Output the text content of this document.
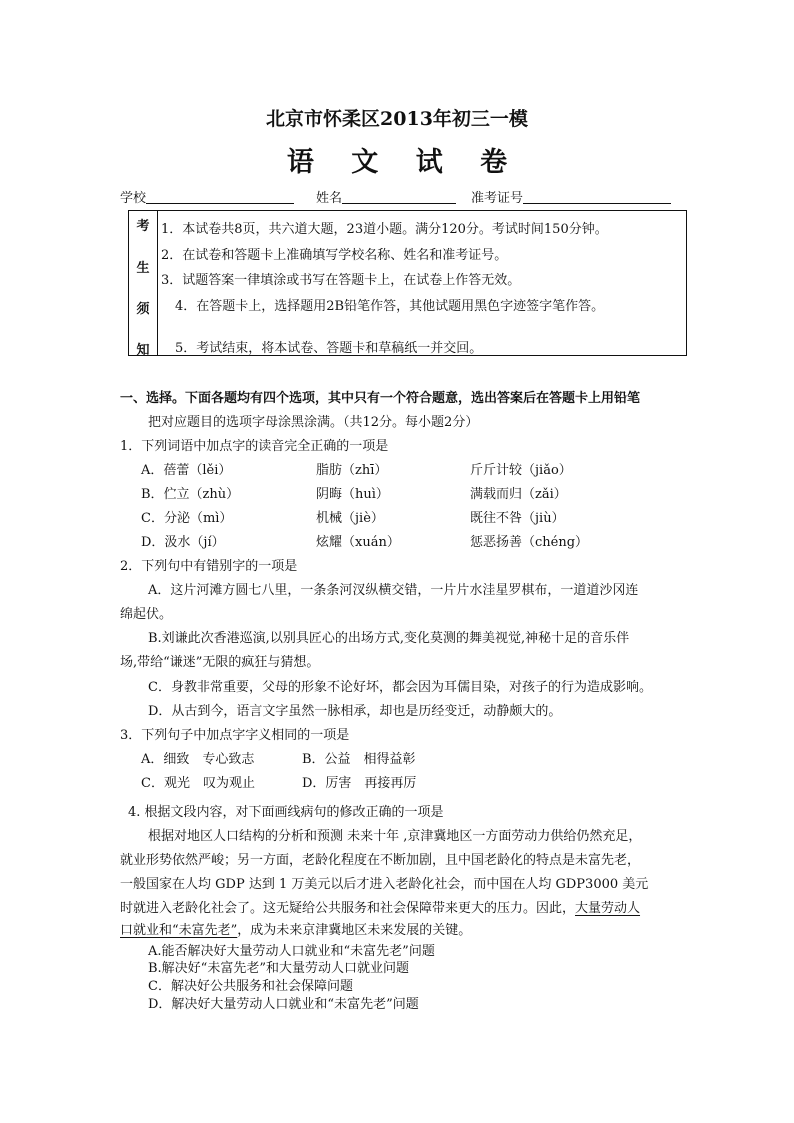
北京市怀柔区2013年初三一模
语 文 试 卷
学校	姓名	准考证号
考
生
须
知
1．本试卷共8页，共六道大题，23道小题。满分120分。考试时间150分钟。
2．在试卷和答题卡上准确填写学校名称、姓名和准考证号。
3．试题答案一律填涂或书写在答题卡上，在试卷上作答无效。
4．在答题卡上，选择题用2B铅笔作答，其他试题用黑色字迹签字笔作答。
5．考试结束，将本试卷、答题卡和草稿纸一并交回。
一、选择。下面各题均有四个选项，其中只有一个符合题意，选出答案后在答题卡上用铅笔
把对应题目的选项字母涂黑涂满。（共12分。每小题2分）
1．下列词语中加点字的读音完全正确的一项是
A．蓓蕾（lěi）	脂肪（zhī）	斤斤计较（jiǎo）
B．伫立（zhù）	阴晦（huì）	满载而归（zǎi）
C．分泌（mì）	机械（jiè）	既往不咎（jiù）
D．汲水（jí）	炫耀（xuán）	惩恶扬善（chéng）
2．下列句中有错别字的一项是
A．这片河滩方圆七八里，一条条河汊纵横交错，一片片水洼星罗棋布，一道道沙冈连
绵起伏。
B.刘谦此次香港巡演,以别具匠心的出场方式,变化莫测的舞美视觉,神秘十足的音乐伴
场,带给“谦迷”无限的疯狂与猜想。
C．身教非常重要，父母的形象不论好坏，都会因为耳儒目染，对孩子的行为造成影响。
D．从古到今，语言文字虽然一脉相承，却也是历经变迁，动静颇大的。
3．下列句子中加点字字义相同的一项是
A．细致　专心致志	B．公益　相得益彰
C．观光　叹为观止	D．厉害　再接再厉
4. 根据文段内容，对下面画线病句的修改正确的一项是
根据对地区人口结构的分析和预测 未来十年 ,京津冀地区一方面劳动力供给仍然充足，
就业形势依然严峻；另一方面，老龄化程度在不断加剧，且中国老龄化的特点是未富先老，
一般国家在人均 GDP 达到 1 万美元以后才进入老龄化社会，而中国在人均 GDP3000 美元
时就进入老龄化社会了。这无疑给公共服务和社会保障带来更大的压力。因此，大量劳动人
口就业和“未富先老”，成为未来京津冀地区未来发展的关键。
A.能否解决好大量劳动人口就业和“未富先老”问题
B.解决好“未富先老”和大量劳动人口就业问题
C．解决好公共服务和社会保障问题
D．解决好大量劳动人口就业和“未富先老”问题
